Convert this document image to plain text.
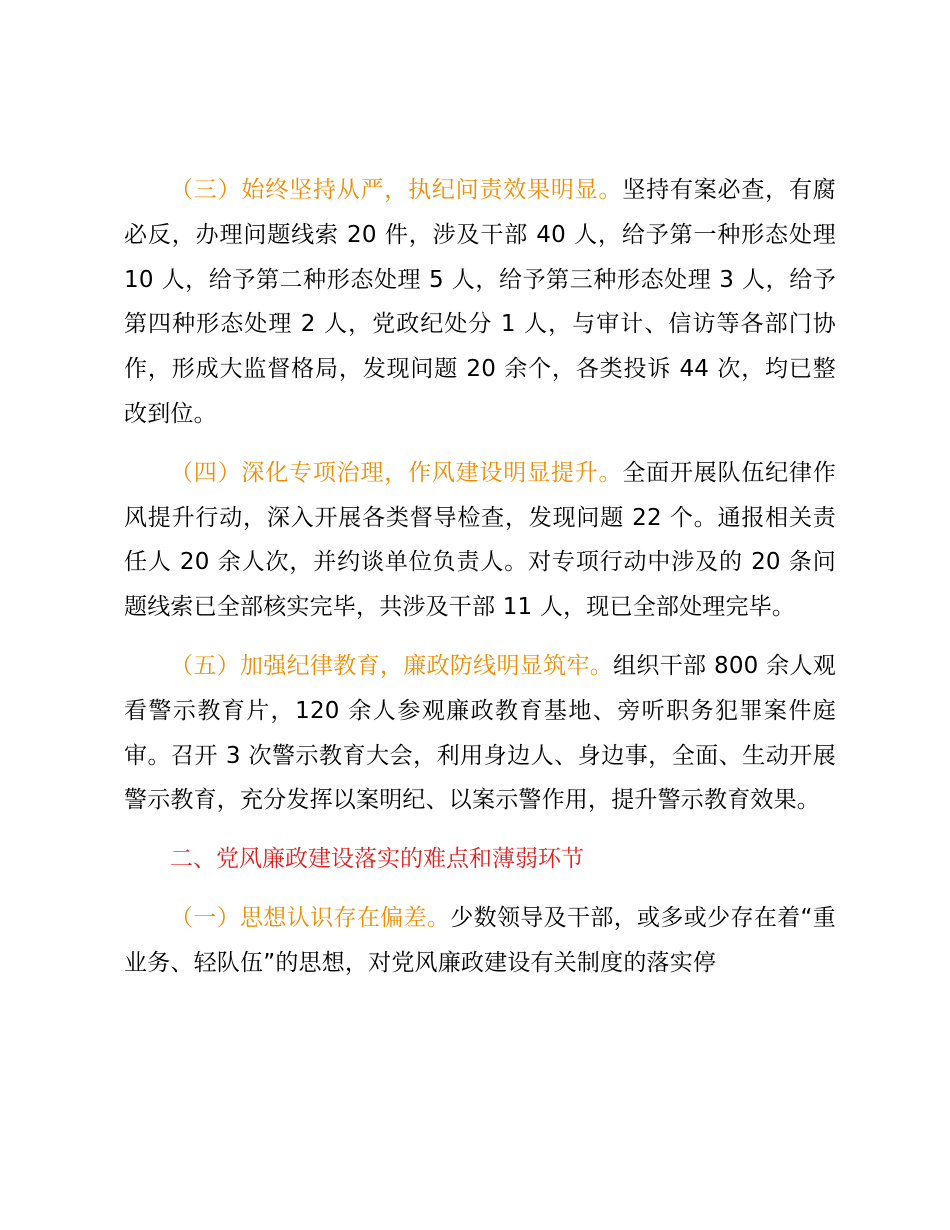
（三）始终坚持从严，执纪问责效果明显。坚持有案必查，有腐必反，办理问题线索 20 件，涉及干部 40 人，给予第一种形态处理 10 人，给予第二种形态处理 5 人，给予第三种形态处理 3 人，给予第四种形态处理 2 人，党政纪处分 1 人，与审计、信访等各部门协作，形成大监督格局，发现问题 20 余个，各类投诉 44 次，均已整改到位。

（四）深化专项治理，作风建设明显提升。全面开展队伍纪律作风提升行动，深入开展各类督导检查，发现问题 22 个。通报相关责任人 20 余人次，并约谈单位负责人。对专项行动中涉及的 20 条问题线索已全部核实完毕，共涉及干部 11 人，现已全部处理完毕。

（五）加强纪律教育，廉政防线明显筑牢。组织干部 800 余人观看警示教育片，120 余人参观廉政教育基地、旁听职务犯罪案件庭审。召开 3 次警示教育大会，利用身边人、身边事，全面、生动开展警示教育，充分发挥以案明纪、以案示警作用，提升警示教育效果。

二、党风廉政建设落实的难点和薄弱环节

（一）思想认识存在偏差。少数领导及干部，或多或少存在着“重业务、轻队伍”的思想，对党风廉政建设有关制度的落实停
